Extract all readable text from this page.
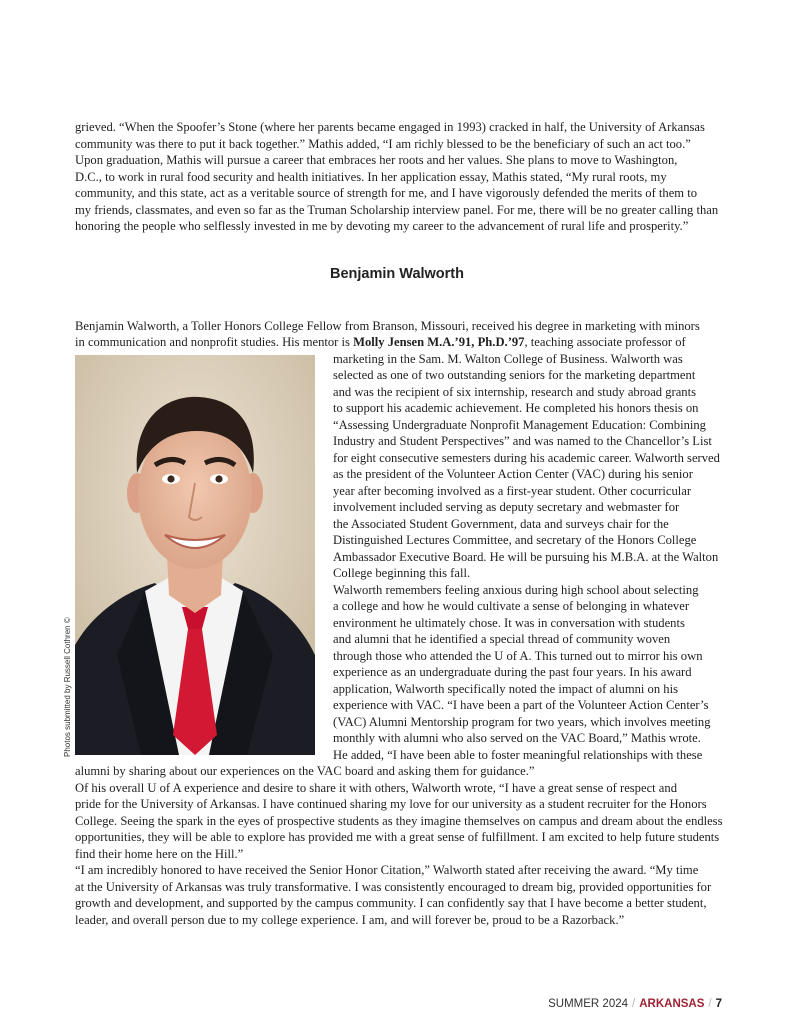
grieved. “When the Spoofer’s Stone (where her parents became engaged in 1993) cracked in half, the University of Arkansas
community was there to put it back together.” Mathis added, “I am richly blessed to be the beneficiary of such an act too.”
Upon graduation, Mathis will pursue a career that embraces her roots and her values. She plans to move to Washington,
D.C., to work in rural food security and health initiatives. In her application essay, Mathis stated, “My rural roots, my
community, and this state, act as a veritable source of strength for me, and I have vigorously defended the merits of them to
my friends, classmates, and even so far as the Truman Scholarship interview panel. For me, there will be no greater calling than
honoring the people who selflessly invested in me by devoting my career to the advancement of rural life and prosperity.”
Benjamin Walworth
Benjamin Walworth, a Toller Honors College Fellow from Branson, Missouri, received his degree in marketing with minors
in communication and nonprofit studies. His mentor is Molly Jensen M.A.’91, Ph.D.’97, teaching associate professor of
Photos submitted by Russell Cothren ©
marketing in the Sam. M. Walton College of Business. Walworth was
selected as one of two outstanding seniors for the marketing department
and was the recipient of six internship, research and study abroad grants
to support his academic achievement. He completed his honors thesis on
“Assessing Undergraduate Nonprofit Management Education: Combining
Industry and Student Perspectives” and was named to the Chancellor’s List
for eight consecutive semesters during his academic career. Walworth served
as the president of the Volunteer Action Center (VAC) during his senior
year after becoming involved as a first-year student. Other cocurricular
involvement included serving as deputy secretary and webmaster for
the Associated Student Government, data and surveys chair for the
Distinguished Lectures Committee, and secretary of the Honors College
Ambassador Executive Board. He will be pursuing his M.B.A. at the Walton
College beginning this fall.
Walworth remembers feeling anxious during high school about selecting
a college and how he would cultivate a sense of belonging in whatever
environment he ultimately chose. It was in conversation with students
and alumni that he identified a special thread of community woven
through those who attended the U of A. This turned out to mirror his own
experience as an undergraduate during the past four years. In his award
application, Walworth specifically noted the impact of alumni on his
experience with VAC. “I have been a part of the Volunteer Action Center’s
(VAC) Alumni Mentorship program for two years, which involves meeting
monthly with alumni who also served on the VAC Board,” Mathis wrote.
He added, “I have been able to foster meaningful relationships with these
alumni by sharing about our experiences on the VAC board and asking them for guidance.”
Of his overall U of A experience and desire to share it with others, Walworth wrote, “I have a great sense of respect and
pride for the University of Arkansas. I have continued sharing my love for our university as a student recruiter for the Honors
College. Seeing the spark in the eyes of prospective students as they imagine themselves on campus and dream about the endless
opportunities, they will be able to explore has provided me with a great sense of fulfillment. I am excited to help future students
find their home here on the Hill.”
“I am incredibly honored to have received the Senior Honor Citation,” Walworth stated after receiving the award. “My time
at the University of Arkansas was truly transformative. I was consistently encouraged to dream big, provided opportunities for
growth and development, and supported by the campus community. I can confidently say that I have become a better student,
leader, and overall person due to my college experience. I am, and will forever be, proud to be a Razorback.”
SUMMER 2024 / ARKANSAS / 7
